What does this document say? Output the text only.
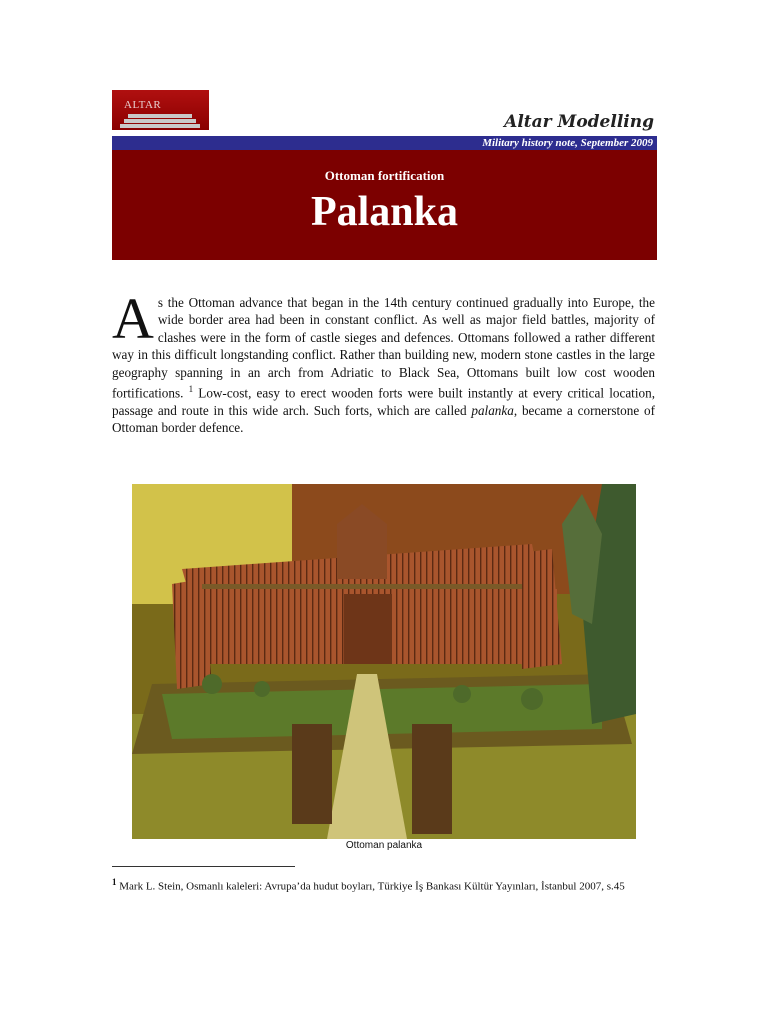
ALTAR
Altar Modelling
Military history note, September 2009
Ottoman fortification
Palanka
As the Ottoman advance that began in the 14th century continued gradually into Europe, the wide border area had been in constant conflict. As well as major field battles, majority of clashes were in the form of castle sieges and defences. Ottomans followed a rather different way in this difficult longstanding conflict. Rather than building new, modern stone castles in the large geography spanning in an arch from Adriatic to Black Sea, Ottomans built low cost wooden fortifications. $^1$ Low-cost, easy to erect wooden forts were built instantly at every critical location, passage and route in this wide arch. Such forts, which are called palanka, became a cornerstone of Ottoman border defence.
Ottoman palanka
$^1$ Mark L. Stein, Osmanlı kaleleri: Avrupa’da hudut boyları, Türkiye İş Bankası Kültür Yayınları, İstanbul 2007, s.45
